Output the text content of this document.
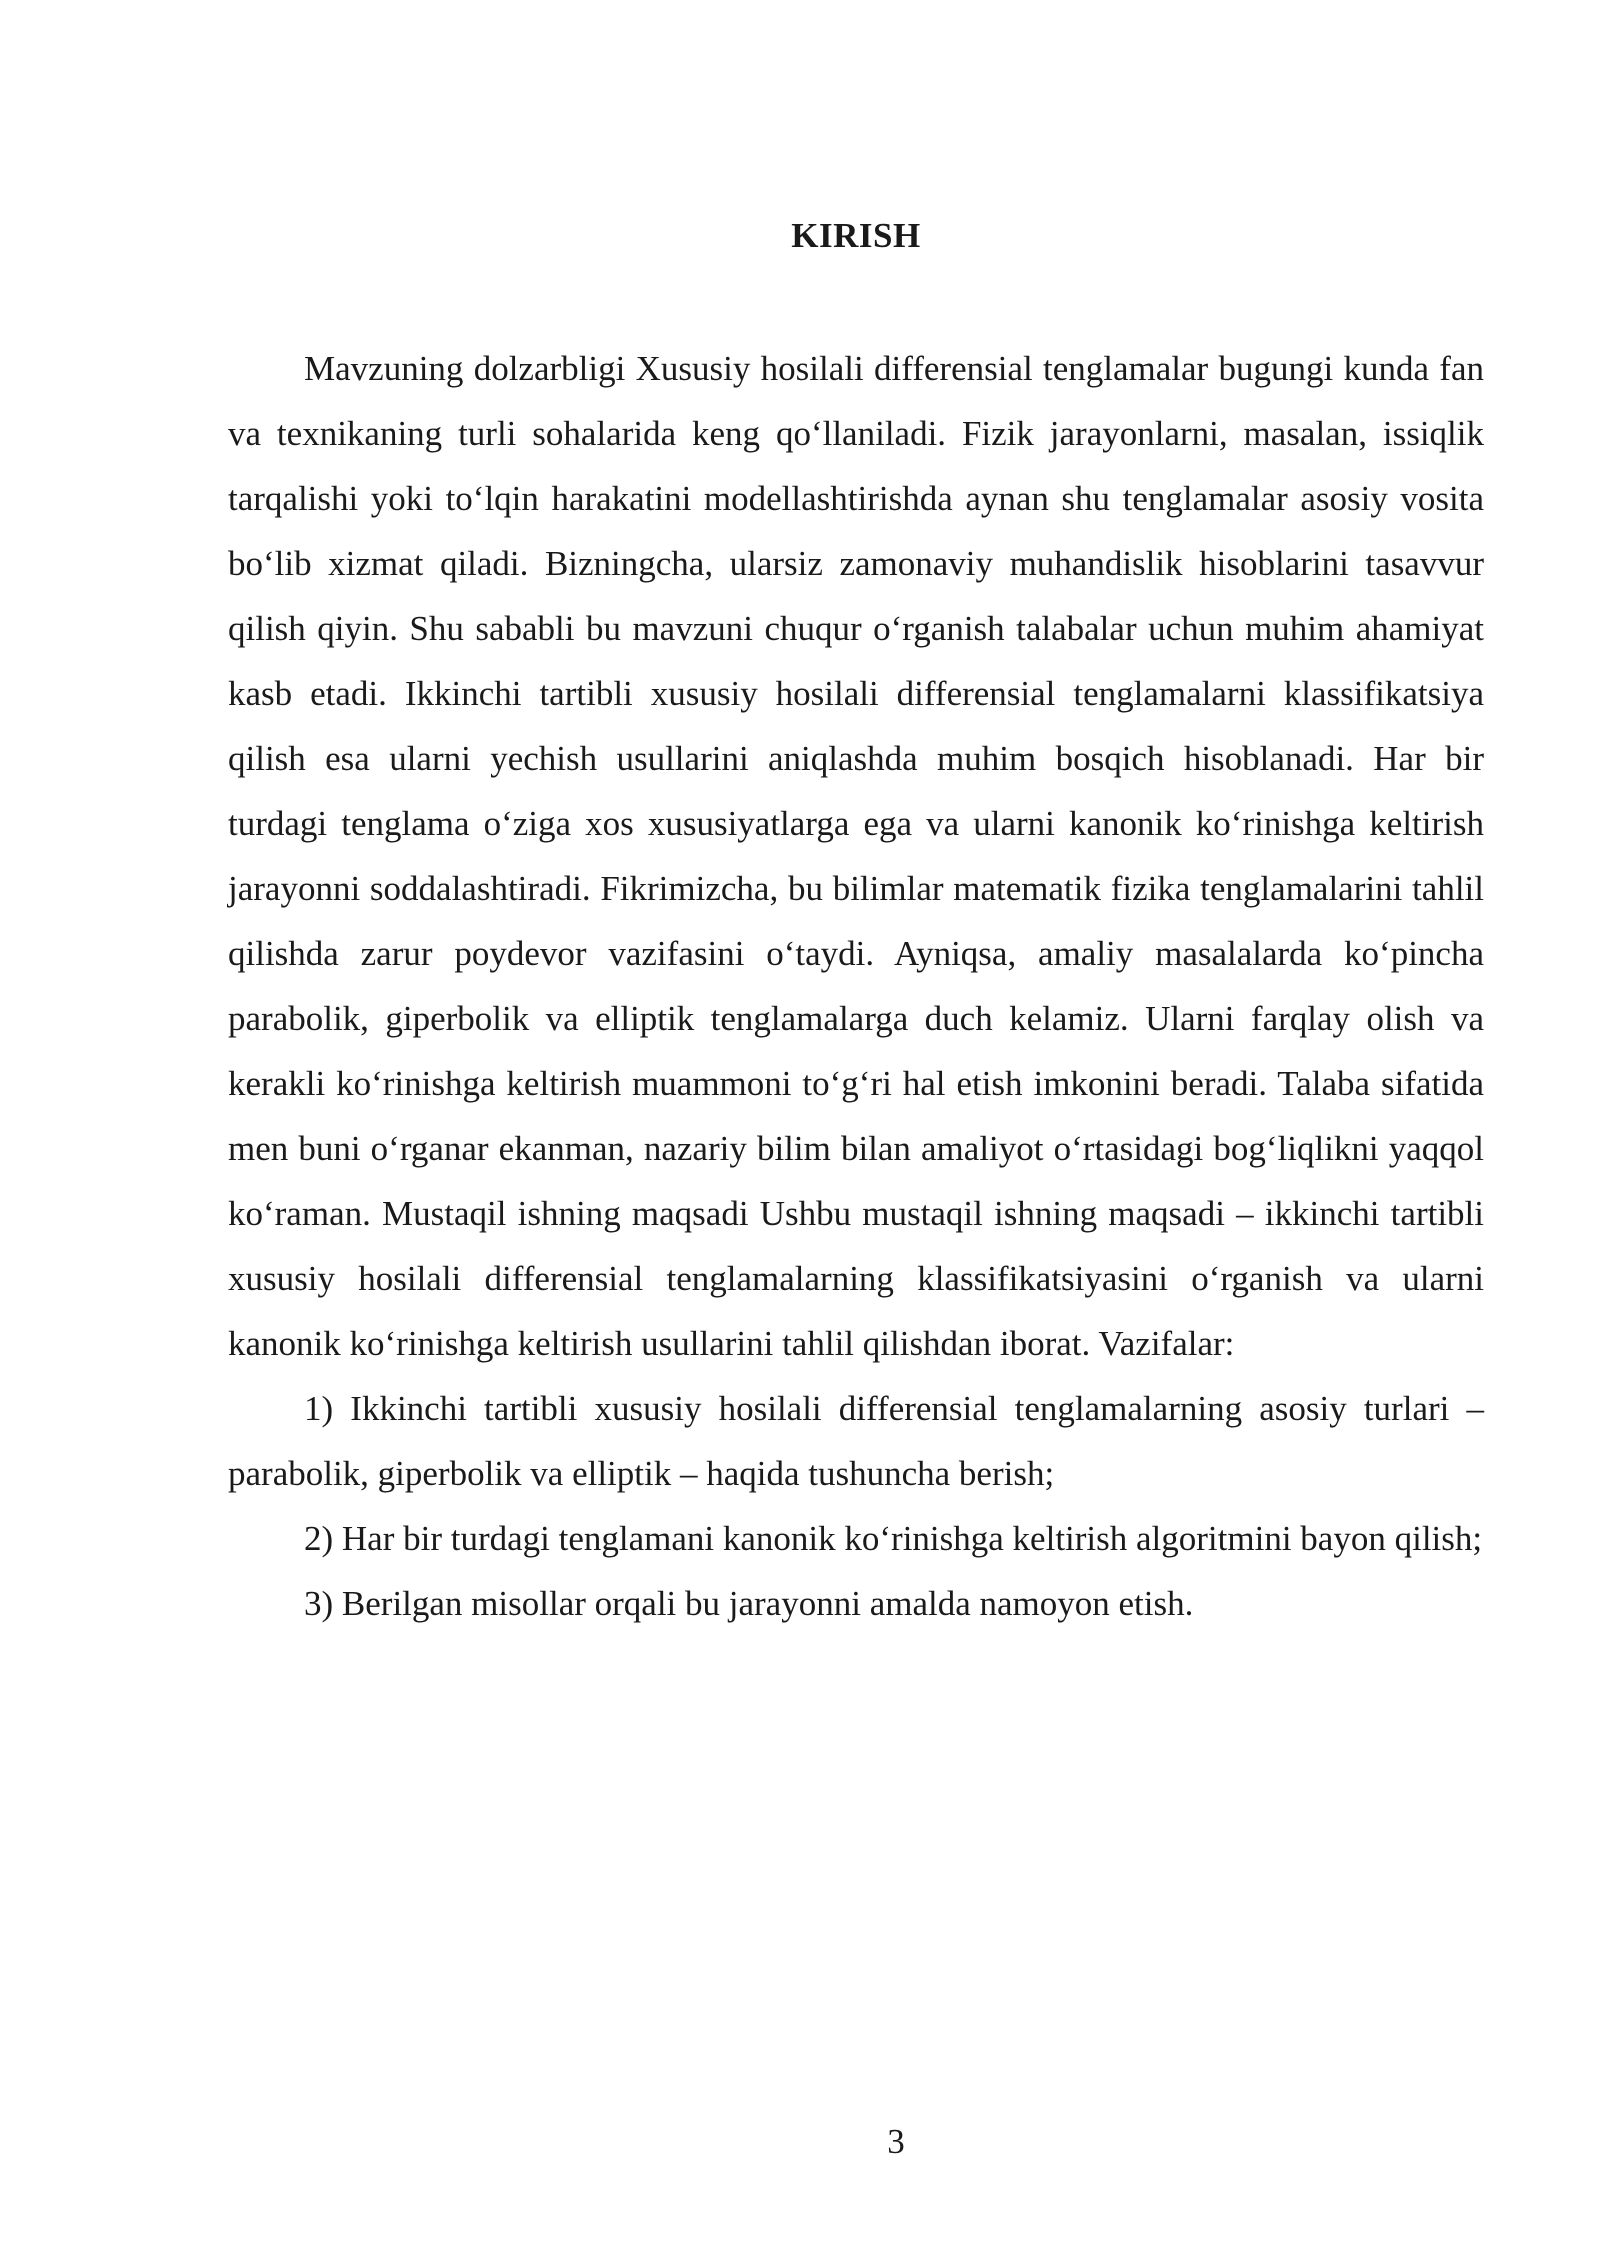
KIRISH

Mavzuning dolzarbligi Xususiy hosilali differensial tenglamalar bugungi kunda fan va texnikaning turli sohalarida keng qo‘llaniladi. Fizik jarayonlarni, masalan, issiqlik tarqalishi yoki to‘lqin harakatini modellashtirishda aynan shu tenglamalar asosiy vosita bo‘lib xizmat qiladi. Bizningcha, ularsiz zamonaviy muhandislik hisoblarini tasavvur qilish qiyin. Shu sababli bu mavzuni chuqur o‘rganish talabalar uchun muhim ahamiyat kasb etadi. Ikkinchi tartibli xususiy hosilali differensial tenglamalarni klassifikatsiya qilish esa ularni yechish usullarini aniqlashda muhim bosqich hisoblanadi. Har bir turdagi tenglama o‘ziga xos xususiyatlarga ega va ularni kanonik ko‘rinishga keltirish jarayonni soddalashtiradi. Fikrimizcha, bu bilimlar matematik fizika tenglamalarini tahlil qilishda zarur poydevor vazifasini o‘taydi. Ayniqsa, amaliy masalalarda ko‘pincha parabolik, giperbolik va elliptik tenglamalarga duch kelamiz. Ularni farqlay olish va kerakli ko‘rinishga keltirish muammoni to‘g‘ri hal etish imkonini beradi. Talaba sifatida men buni o‘rganar ekanman, nazariy bilim bilan amaliyot o‘rtasidagi bog‘liqlikni yaqqol ko‘raman. Mustaqil ishning maqsadi Ushbu mustaqil ishning maqsadi – ikkinchi tartibli xususiy hosilali differensial tenglamalarning klassifikatsiyasini o‘rganish va ularni kanonik ko‘rinishga keltirish usullarini tahlil qilishdan iborat. Vazifalar:

1) Ikkinchi tartibli xususiy hosilali differensial tenglamalarning asosiy turlari – parabolik, giperbolik va elliptik – haqida tushuncha berish;

2) Har bir turdagi tenglamani kanonik ko‘rinishga keltirish algoritmini bayon qilish;

3) Berilgan misollar orqali bu jarayonni amalda namoyon etish.

3
